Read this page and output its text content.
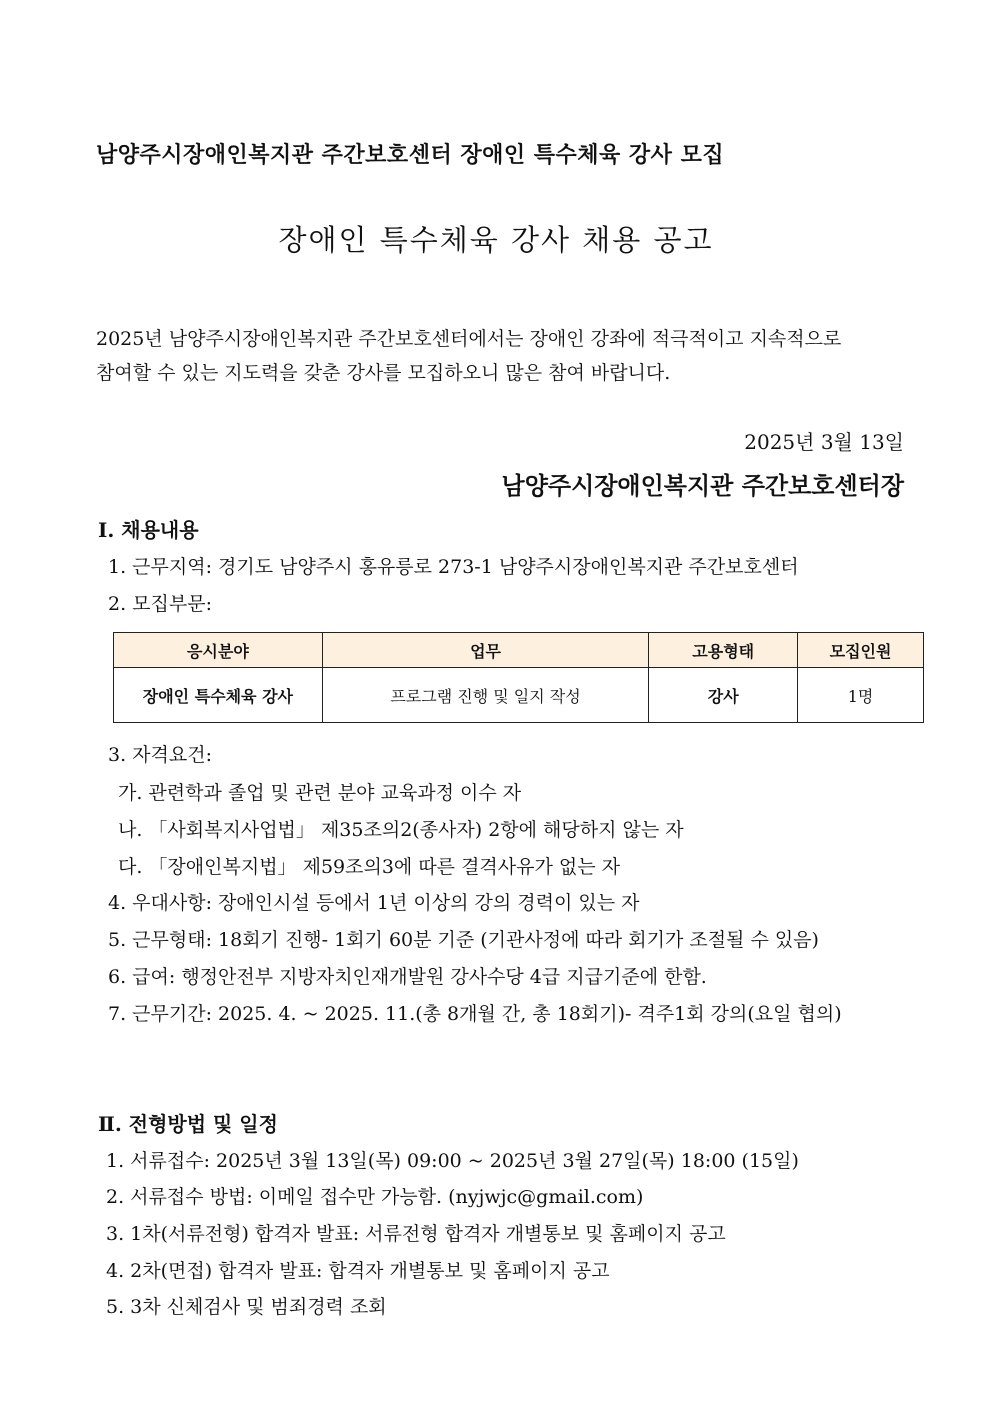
남양주시장애인복지관 주간보호센터 장애인 특수체육 강사 모집
장애인 특수체육 강사 채용 공고

2025년 남양주시장애인복지관 주간보호센터에서는 장애인 강좌에 적극적이고 지속적으로

참여할 수 있는 지도력을 갖춘 강사를 모집하오니 많은 참여 바랍니다.

2025년 3월 13일
남양주시장애인복지관 주간보호센터장
Ⅰ. 채용내용
1. 근무지역: 경기도 남양주시 홍유릉로 273-1 남양주시장애인복지관 주간보호센터
2. 모집부문:
응시분야	업무	고용형태	모집인원
장애인 특수체육 강사	프로그램 진행 및 일지 작성	강사	1명
3. 자격요건:
가. 관련학과 졸업 및 관련 분야 교육과정 이수 자
나. 「사회복지사업법」 제35조의2(종사자) 2항에 해당하지 않는 자
다. 「장애인복지법」 제59조의3에 따른 결격사유가 없는 자
4. 우대사항: 장애인시설 등에서 1년 이상의 강의 경력이 있는 자
5. 근무형태: 18회기 진행- 1회기 60분 기준 (기관사정에 따라 회기가 조절될 수 있음)
6. 급여: 행정안전부 지방자치인재개발원 강사수당 4급 지급기준에 한함.
7. 근무기간: 2025. 4. ~ 2025. 11.(총 8개월 간, 총 18회기)- 격주1회 강의(요일 협의)
Ⅱ. 전형방법 및 일정
1. 서류접수: 2025년 3월 13일(목) 09:00 ~ 2025년 3월 27일(목) 18:00 (15일)
2. 서류접수 방법: 이메일 접수만 가능함. (nyjwjc@gmail.com)
3. 1차(서류전형) 합격자 발표: 서류전형 합격자 개별통보 및 홈페이지 공고
4. 2차(면접) 합격자 발표: 합격자 개별통보 및 홈페이지 공고
5. 3차 신체검사 및 범죄경력 조회
